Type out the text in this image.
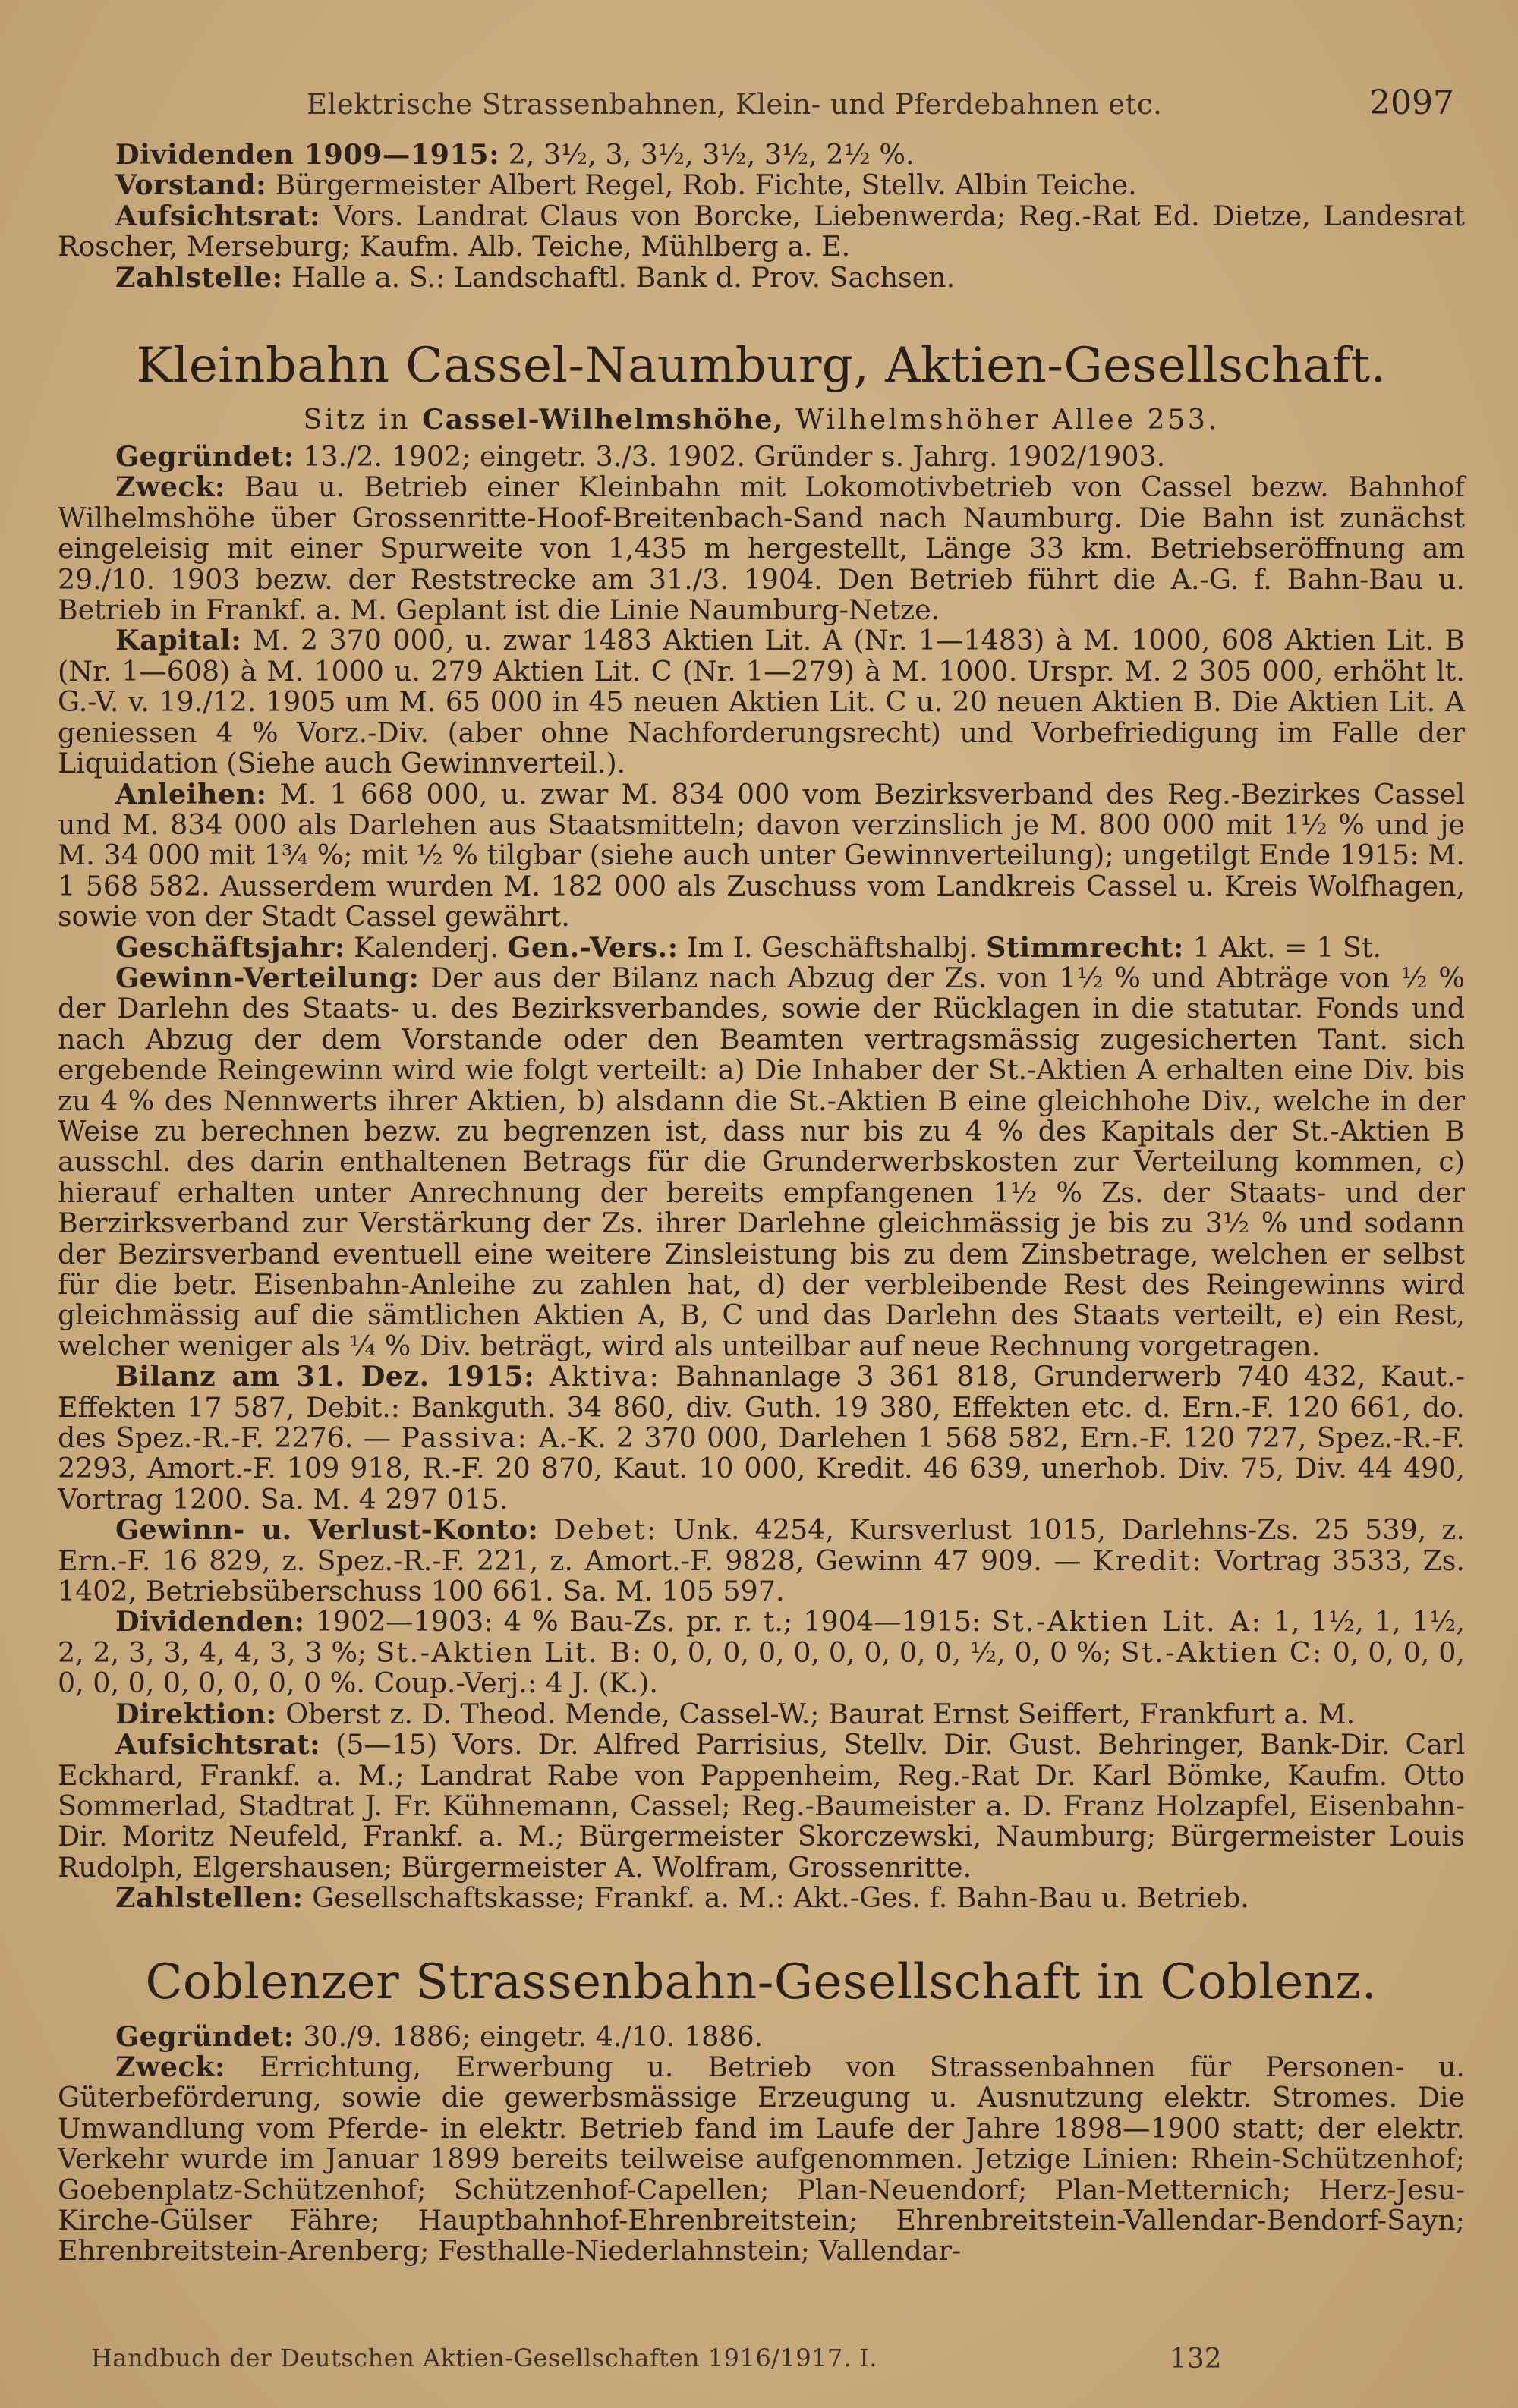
Elektrische Strassenbahnen, Klein- und Pferdebahnen etc.	2097

Dividenden 1909—1915: 2, 3½, 3, 3½, 3½, 3½, 2½ %.

Vorstand: Bürgermeister Albert Regel, Rob. Fichte, Stellv. Albin Teiche.

Aufsichtsrat: Vors. Landrat Claus von Borcke, Liebenwerda; Reg.-Rat Ed. Dietze, Landesrat Roscher, Merseburg; Kaufm. Alb. Teiche, Mühlberg a. E.

Zahlstelle: Halle a. S.: Landschaftl. Bank d. Prov. Sachsen.

Kleinbahn Cassel-Naumburg, Aktien-Gesellschaft.
Sitz in Cassel-Wilhelmshöhe, Wilhelmshöher Allee 253.

Gegründet: 13./2. 1902; eingetr. 3./3. 1902. Gründer s. Jahrg. 1902/1903.

Zweck: Bau u. Betrieb einer Kleinbahn mit Lokomotivbetrieb von Cassel bezw. Bahnhof Wilhelmshöhe über Grossenritte-Hoof-Breitenbach-Sand nach Naumburg. Die Bahn ist zunächst eingeleisig mit einer Spurweite von 1,435 m hergestellt, Länge 33 km. Betriebseröffnung am 29./10. 1903 bezw. der Reststrecke am 31./3. 1904. Den Betrieb führt die A.-G. f. Bahn-Bau u. Betrieb in Frankf. a. M. Geplant ist die Linie Naumburg-Netze.

Kapital: M. 2 370 000, u. zwar 1483 Aktien Lit. A (Nr. 1—1483) à M. 1000, 608 Aktien Lit. B (Nr. 1—608) à M. 1000 u. 279 Aktien Lit. C (Nr. 1—279) à M. 1000. Urspr. M. 2 305 000, erhöht lt. G.-V. v. 19./12. 1905 um M. 65 000 in 45 neuen Aktien Lit. C u. 20 neuen Aktien B. Die Aktien Lit. A geniessen 4 % Vorz.-Div. (aber ohne Nachforderungsrecht) und Vorbefriedigung im Falle der Liquidation (Siehe auch Gewinnverteil.).

Anleihen: M. 1 668 000, u. zwar M. 834 000 vom Bezirksverband des Reg.-Bezirkes Cassel und M. 834 000 als Darlehen aus Staatsmitteln; davon verzinslich je M. 800 000 mit 1½ % und je M. 34 000 mit 1¾ %; mit ½ % tilgbar (siehe auch unter Gewinnverteilung); ungetilgt Ende 1915: M. 1 568 582. Ausserdem wurden M. 182 000 als Zuschuss vom Landkreis Cassel u. Kreis Wolfhagen, sowie von der Stadt Cassel gewährt.

Geschäftsjahr: Kalenderj. Gen.-Vers.: Im I. Geschäftshalbj. Stimmrecht: 1 Akt. = 1 St.

Gewinn-Verteilung: Der aus der Bilanz nach Abzug der Zs. von 1½ % und Abträge von ½ % der Darlehn des Staats- u. des Bezirksverbandes, sowie der Rücklagen in die statutar. Fonds und nach Abzug der dem Vorstande oder den Beamten vertragsmässig zugesicherten Tant. sich ergebende Reingewinn wird wie folgt verteilt: a) Die Inhaber der St.-Aktien A erhalten eine Div. bis zu 4 % des Nennwerts ihrer Aktien, b) alsdann die St.-Aktien B eine gleichhohe Div., welche in der Weise zu berechnen bezw. zu begrenzen ist, dass nur bis zu 4 % des Kapitals der St.-Aktien B ausschl. des darin enthaltenen Betrags für die Grunderwerbskosten zur Verteilung kommen, c) hierauf erhalten unter Anrechnung der bereits empfangenen 1½ % Zs. der Staats- und der Berzirksverband zur Verstärkung der Zs. ihrer Darlehne gleichmässig je bis zu 3½ % und sodann der Bezirsverband eventuell eine weitere Zinsleistung bis zu dem Zinsbetrage, welchen er selbst für die betr. Eisenbahn-Anleihe zu zahlen hat, d) der verbleibende Rest des Reingewinns wird gleichmässig auf die sämtlichen Aktien A, B, C und das Darlehn des Staats verteilt, e) ein Rest, welcher weniger als ¼ % Div. beträgt, wird als unteilbar auf neue Rechnung vorgetragen.

Bilanz am 31. Dez. 1915: Aktiva: Bahnanlage 3 361 818, Grunderwerb 740 432, Kaut.-Effekten 17 587, Debit.: Bankguth. 34 860, div. Guth. 19 380, Effekten etc. d. Ern.-F. 120 661, do. des Spez.-R.-F. 2276. — Passiva: A.-K. 2 370 000, Darlehen 1 568 582, Ern.-F. 120 727, Spez.-R.-F. 2293, Amort.-F. 109 918, R.-F. 20 870, Kaut. 10 000, Kredit. 46 639, unerhob. Div. 75, Div. 44 490, Vortrag 1200. Sa. M. 4 297 015.

Gewinn- u. Verlust-Konto: Debet: Unk. 4254, Kursverlust 1015, Darlehns-Zs. 25 539, z. Ern.-F. 16 829, z. Spez.-R.-F. 221, z. Amort.-F. 9828, Gewinn 47 909. — Kredit: Vortrag 3533, Zs. 1402, Betriebsüberschuss 100 661. Sa. M. 105 597.

Dividenden: 1902—1903: 4 % Bau-Zs. pr. r. t.; 1904—1915: St.-Aktien Lit. A: 1, 1½, 1, 1½, 2, 2, 3, 3, 4, 4, 3, 3 %; St.-Aktien Lit. B: 0, 0, 0, 0, 0, 0, 0, 0, 0, ½, 0, 0 %; St.-Aktien C: 0, 0, 0, 0, 0, 0, 0, 0, 0, 0, 0, 0 %. Coup.-Verj.: 4 J. (K.).

Direktion: Oberst z. D. Theod. Mende, Cassel-W.; Baurat Ernst Seiffert, Frankfurt a. M.

Aufsichtsrat: (5—15) Vors. Dr. Alfred Parrisius, Stellv. Dir. Gust. Behringer, Bank-Dir. Carl Eckhard, Frankf. a. M.; Landrat Rabe von Pappenheim, Reg.-Rat Dr. Karl Bömke, Kaufm. Otto Sommerlad, Stadtrat J. Fr. Kühnemann, Cassel; Reg.-Baumeister a. D. Franz Holzapfel, Eisenbahn-Dir. Moritz Neufeld, Frankf. a. M.; Bürgermeister Skorczewski, Naumburg; Bürgermeister Louis Rudolph, Elgershausen; Bürgermeister A. Wolfram, Grossenritte.

Zahlstellen: Gesellschaftskasse; Frankf. a. M.: Akt.-Ges. f. Bahn-Bau u. Betrieb.

Coblenzer Strassenbahn-Gesellschaft in Coblenz.

Gegründet: 30./9. 1886; eingetr. 4./10. 1886.

Zweck: Errichtung, Erwerbung u. Betrieb von Strassenbahnen für Personen- u. Güterbeförderung, sowie die gewerbsmässige Erzeugung u. Ausnutzung elektr. Stromes. Die Umwandlung vom Pferde- in elektr. Betrieb fand im Laufe der Jahre 1898—1900 statt; der elektr. Verkehr wurde im Januar 1899 bereits teilweise aufgenommen. Jetzige Linien: Rhein-Schützenhof; Goebenplatz-Schützenhof; Schützenhof-Capellen; Plan-Neuendorf; Plan-Metternich; Herz-Jesu-Kirche-Gülser Fähre; Hauptbahnhof-Ehrenbreitstein; Ehrenbreitstein-Vallendar-Bendorf-Sayn; Ehrenbreitstein-Arenberg; Festhalle-Niederlahnstein; Vallendar-

Handbuch der Deutschen Aktien-Gesellschaften 1916/1917. I.	132
